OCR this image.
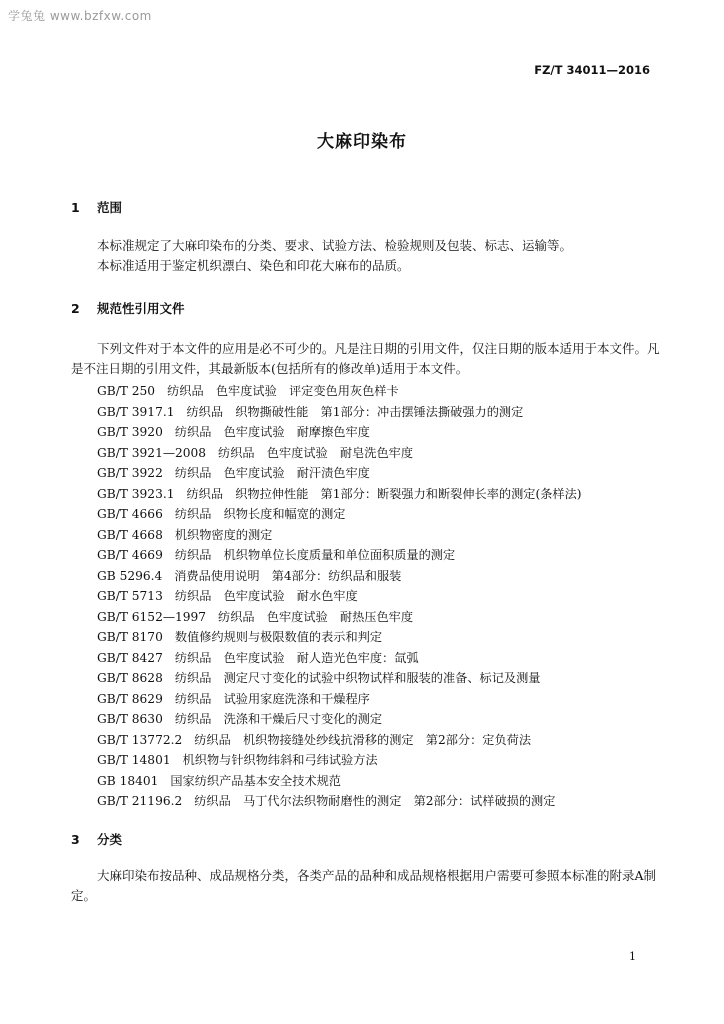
学兔兔 www.bzfxw.com
FZ/T 34011—2016
大麻印染布
1 范围

本标准规定了大麻印染布的分类、要求、试验方法、检验规则及包装、标志、运输等。

本标准适用于鉴定机织漂白、染色和印花大麻布的品质。

2 规范性引用文件

下列文件对于本文件的应用是必不可少的。凡是注日期的引用文件，仅注日期的版本适用于本文件。凡是不注日期的引用文件，其最新版本(包括所有的修改单)适用于本文件。

GB/T 250 纺织品　色牢度试验　评定变色用灰色样卡
GB/T 3917.1 纺织品　织物撕破性能　第1部分：冲击摆锤法撕破强力的测定
GB/T 3920 纺织品　色牢度试验　耐摩擦色牢度
GB/T 3921—2008 纺织品　色牢度试验　耐皂洗色牢度
GB/T 3922 纺织品　色牢度试验　耐汗渍色牢度
GB/T 3923.1 纺织品　织物拉伸性能　第1部分：断裂强力和断裂伸长率的测定(条样法)
GB/T 4666 纺织品　织物长度和幅宽的测定
GB/T 4668 机织物密度的测定
GB/T 4669 纺织品　机织物单位长度质量和单位面积质量的测定
GB 5296.4 消费品使用说明　第4部分：纺织品和服装
GB/T 5713 纺织品　色牢度试验　耐水色牢度
GB/T 6152—1997 纺织品　色牢度试验　耐热压色牢度
GB/T 8170 数值修约规则与极限数值的表示和判定
GB/T 8427 纺织品　色牢度试验　耐人造光色牢度：氙弧
GB/T 8628 纺织品　测定尺寸变化的试验中织物试样和服装的准备、标记及测量
GB/T 8629 纺织品　试验用家庭洗涤和干燥程序
GB/T 8630 纺织品　洗涤和干燥后尺寸变化的测定
GB/T 13772.2 纺织品　机织物接缝处纱线抗滑移的测定　第2部分：定负荷法
GB/T 14801 机织物与针织物纬斜和弓纬试验方法
GB 18401 国家纺织产品基本安全技术规范
GB/T 21196.2 纺织品　马丁代尔法织物耐磨性的测定　第2部分：试样破损的测定
3 分类

大麻印染布按品种、成品规格分类，各类产品的品种和成品规格根据用户需要可参照本标准的附录A制定。

1
